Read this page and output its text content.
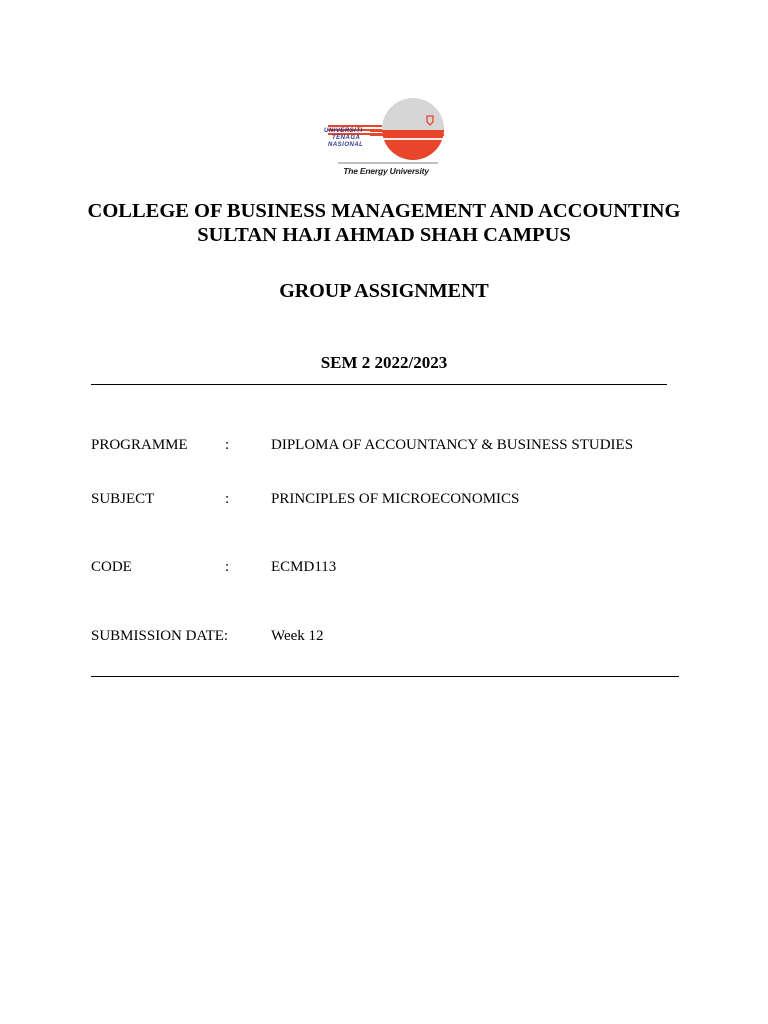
UNIVERSITI
TENAGA
NASIONAL
The Energy University
COLLEGE OF BUSINESS MANAGEMENT AND ACCOUNTING
SULTAN HAJI AHMAD SHAH CAMPUS
GROUP ASSIGNMENT
SEM 2 2022/2023
PROGRAMME :	DIPLOMA OF ACCOUNTANCY & BUSINESS STUDIES
SUBJECT	:	PRINCIPLES OF MICROECONOMICS
CODE	:	ECMD113
SUBMISSION DATE:	Week 12
